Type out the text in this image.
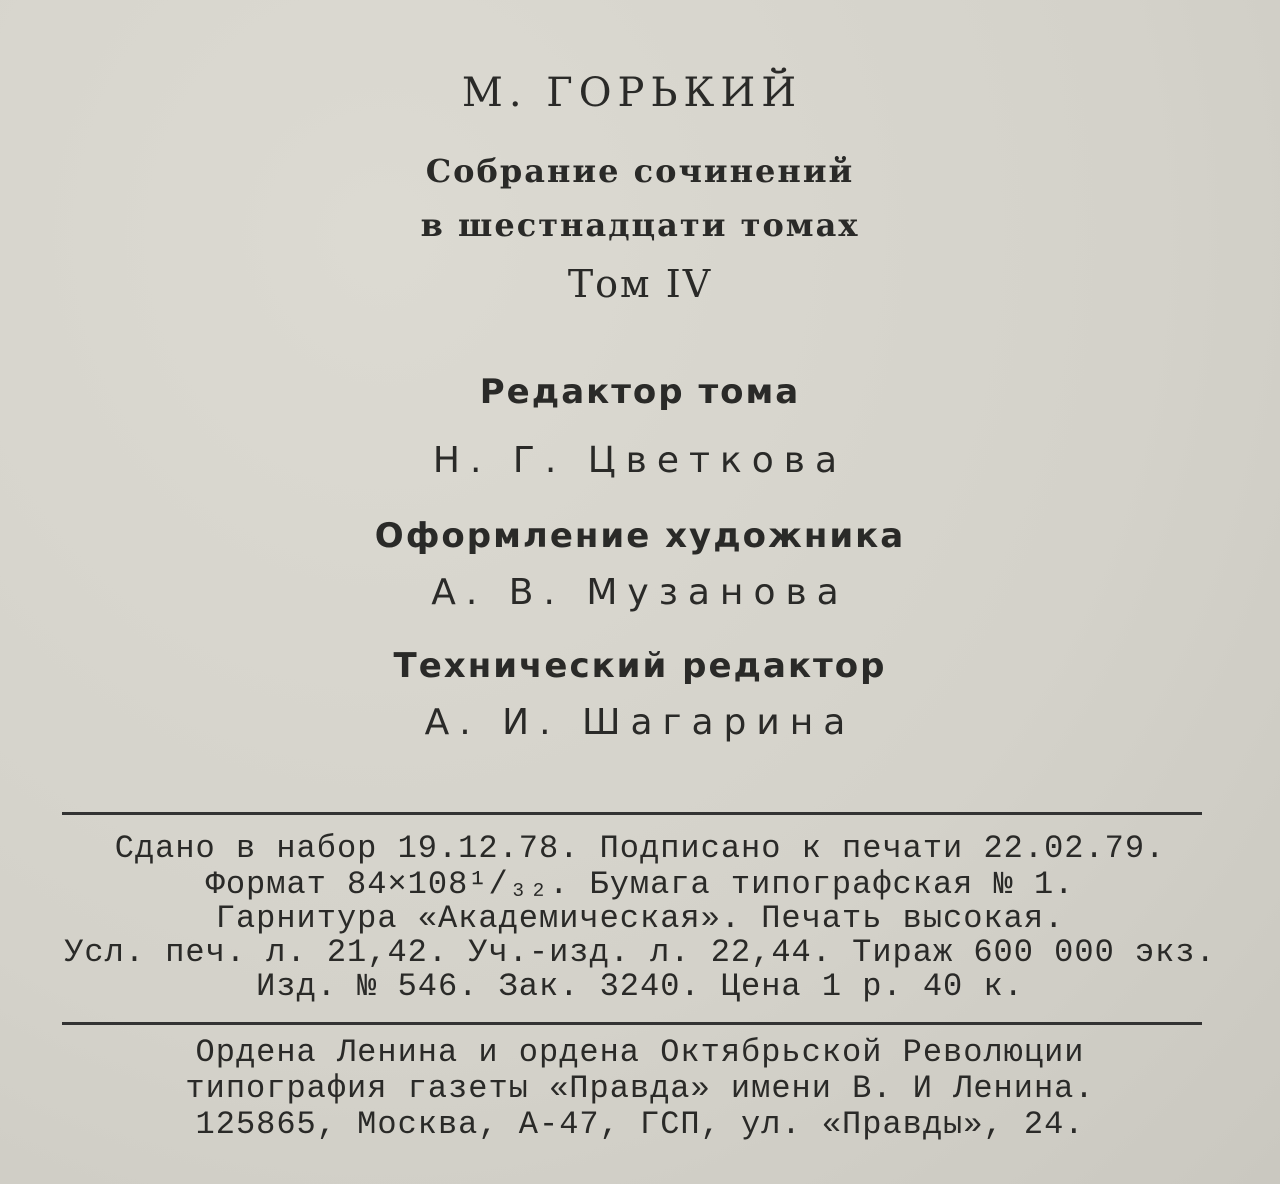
М. ГОРЬКИЙ
Собрание сочинений
в шестнадцати томах
Том IV
Редактор тома
Н. Г. Цветкова
Оформление художника
А. В. Музанова
Технический редактор
А. И. Шагарина
Сдано в набор 19.12.78. Подписано к печати 22.02.79.
Формат 84×108¹/₃₂. Бумага типографская № 1.
Гарнитура «Академическая». Печать высокая.
Усл. печ. л. 21,42. Уч.-изд. л. 22,44. Тираж 600 000 экз.
Изд. № 546. Зак. 3240. Цена 1 р. 40 к.
Ордена Ленина и ордена Октябрьской Революции
типография газеты «Правда» имени В. И Ленина.
125865, Москва, А-47, ГСП, ул. «Правды», 24.
